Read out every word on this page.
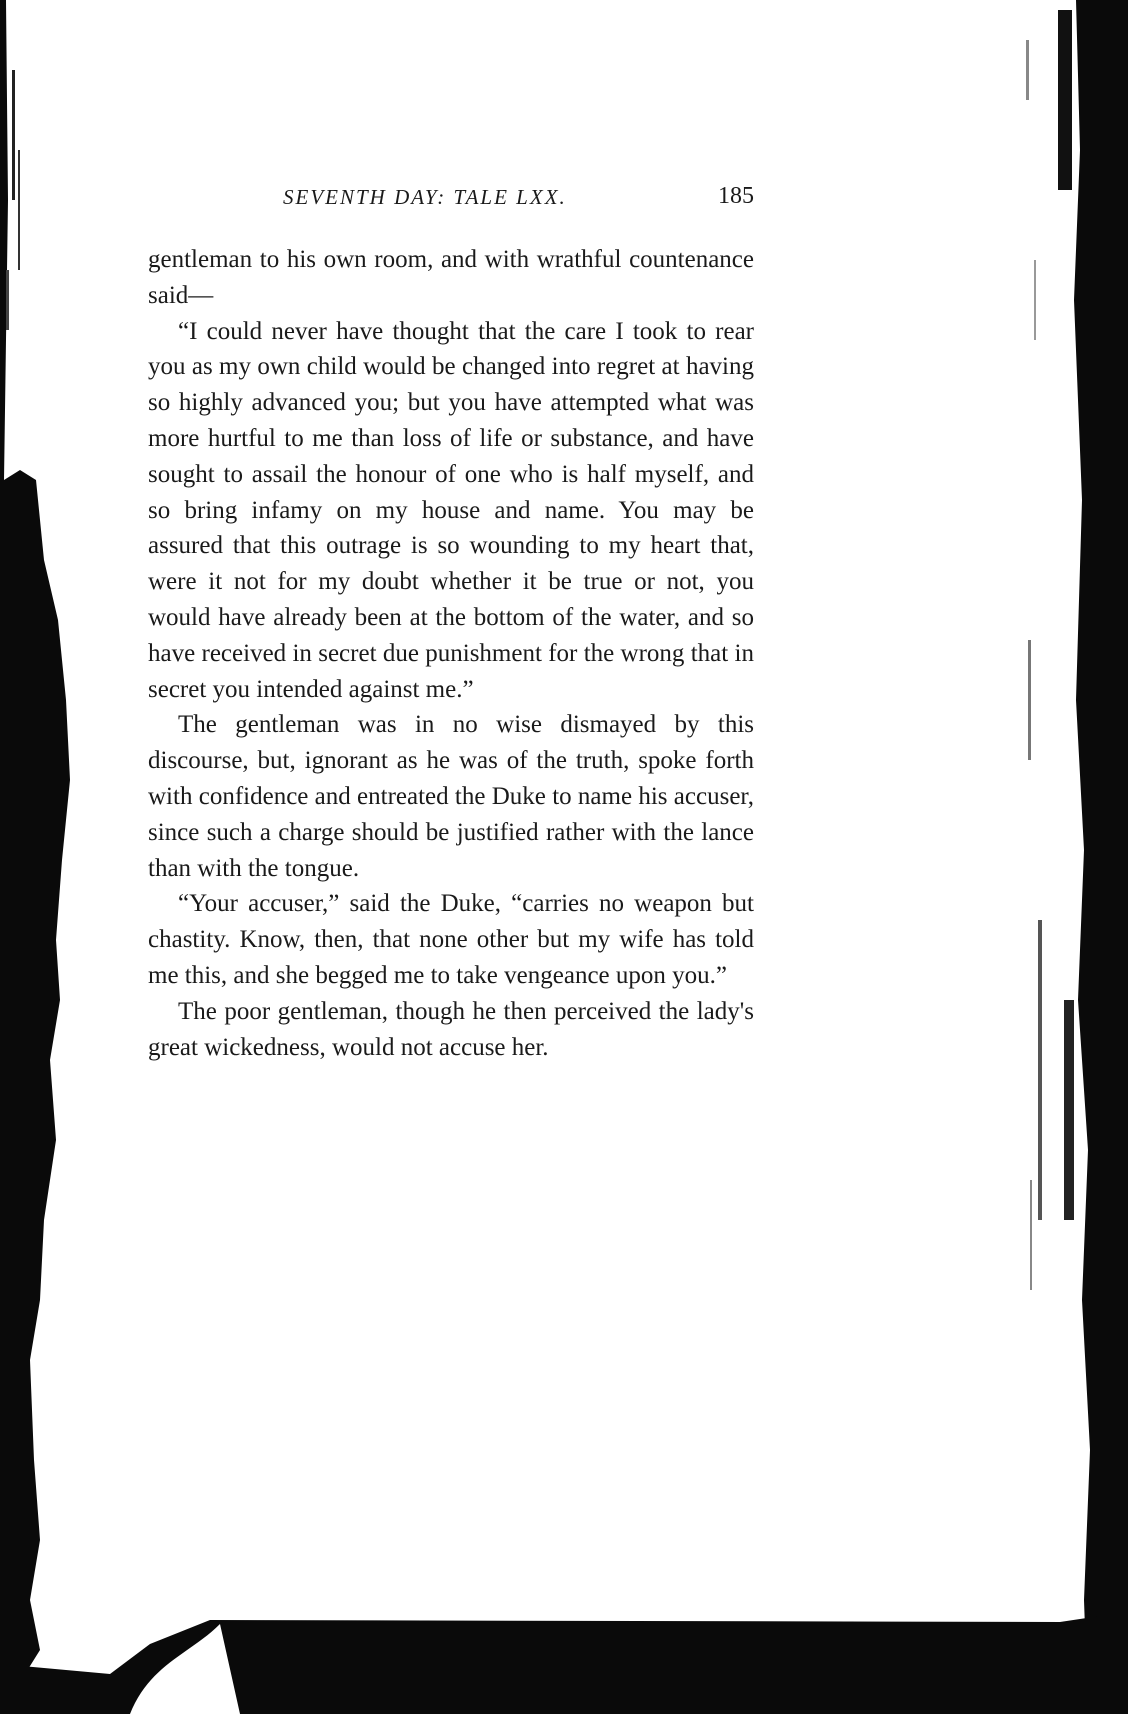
SEVENTH DAY: TALE LXX.	185

gentleman to his own room, and with wrathful countenance said—

“I could never have thought that the care I took to rear you as my own child would be changed into regret at having so highly advanced you; but you have attempted what was more hurtful to me than loss of life or substance, and have sought to assail the honour of one who is half myself, and so bring infamy on my house and name. You may be assured that this outrage is so wounding to my heart that, were it not for my doubt whether it be true or not, you would have already been at the bottom of the water, and so have received in secret due punishment for the wrong that in secret you intended against me.”

The gentleman was in no wise dismayed by this discourse, but, ignorant as he was of the truth, spoke forth with confidence and entreated the Duke to name his accuser, since such a charge should be justified rather with the lance than with the tongue.

“Your accuser,” said the Duke, “carries no weapon but chastity. Know, then, that none other but my wife has told me this, and she begged me to take vengeance upon you.”

The poor gentleman, though he then perceived the lady's great wickedness, would not accuse her.
